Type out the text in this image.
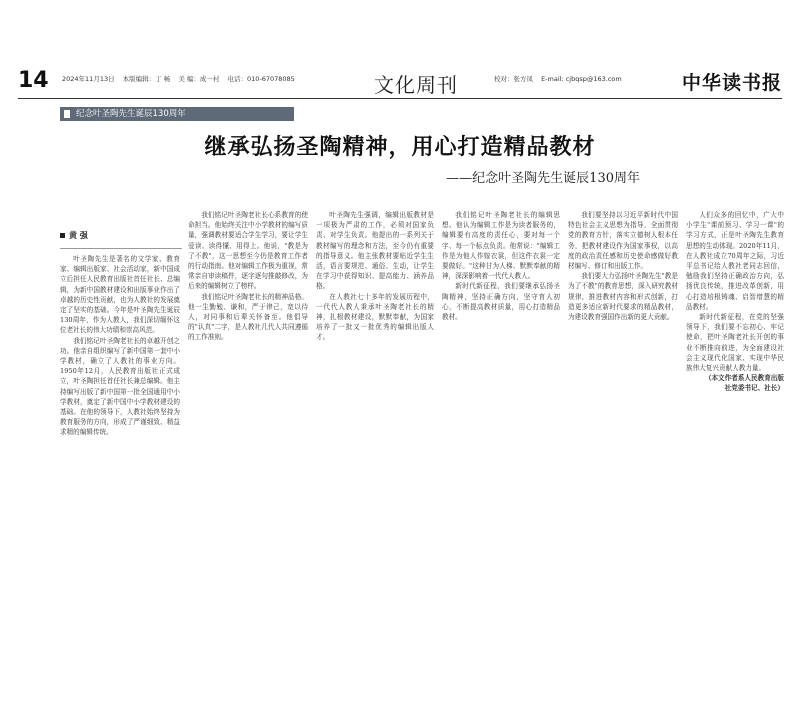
14 2024年11月13日 本版编辑：丁 畅 美 编：成一村 电话：010-67078085	文化周刊	校对：张方凤 E-mail: cjbqsp@163.com	中华读书报
纪念叶圣陶先生诞辰130周年
继承弘扬圣陶精神，用心打造精品教材
——纪念叶圣陶先生诞辰130周年
黄 强

叶圣陶先生是著名的文学家、教育家、编辑出版家、社会活动家，新中国成立后担任人民教育出版社首任社长、总编辑，为新中国教材建设和出版事业作出了卓越的历史性贡献，也为人教社的发展奠定了坚实的基础。今年是叶圣陶先生诞辰130周年，作为人教人，我们深切缅怀这位老社长的伟大功绩和崇高风范。

我们铭记叶圣陶老社长的卓越开创之功。他亲自组织编写了新中国第一套中小学教材，确立了人教社的事业方向。1950年12月，人民教育出版社正式成立，叶圣陶担任首任社长兼总编辑。他主持编写出版了新中国第一批全国通用中小学教材，奠定了新中国中小学教材建设的基础。在他的领导下，人教社始终坚持为教育服务的方向，形成了严谨细致、精益求精的编辑传统。

我们铭记叶圣陶老社长心系教育的使命担当。他始终关注中小学教材的编写质量，强调教材要适合学生学习，要让学生爱读、读得懂、用得上。他说，"教是为了不教"，这一思想至今仍是教育工作者的行动指南。他对编辑工作极为重视，常常亲自审读稿件，逐字逐句推敲修改，为后来的编辑树立了榜样。

我们铭记叶圣陶老社长的精神品格。他一生勤勉、谦和，严于律己，宽以待人，对同事和后辈关怀备至。他倡导的"认真"二字，是人教社几代人共同遵循的工作准则。

叶圣陶先生强调，编辑出版教材是一项极为严肃的工作，必须对国家负责、对学生负责。他提出的一系列关于教材编写的理念和方法，至今仍有重要的指导意义。他主张教材要贴近学生生活，语言要规范、通俗、生动，让学生在学习中获得知识、提高能力、涵养品格。

在人教社七十多年的发展历程中，一代代人教人秉承叶圣陶老社长的精神，扎根教材建设，默默奉献，为国家培养了一批又一批优秀的编辑出版人才。

我们铭记叶圣陶老社长的编辑思想。他认为编辑工作是为读者服务的，编辑要有高度的责任心，要对每一个字、每一个标点负责。他常说："编辑工作是为他人作嫁衣裳，但这件衣裳一定要做好。"这种甘为人梯、默默奉献的精神，深深影响着一代代人教人。

新时代新征程，我们要继承弘扬圣陶精神，坚持正确方向，坚守育人初心，不断提高教材质量，用心打造精品教材。

我们要坚持以习近平新时代中国特色社会主义思想为指导，全面贯彻党的教育方针，落实立德树人根本任务，把教材建设作为国家事权，以高度的政治责任感和历史使命感做好教材编写、修订和出版工作。

我们要大力弘扬叶圣陶先生"教是为了不教"的教育思想，深入研究教材规律，推进教材内容和形式创新，打造更多适应新时代要求的精品教材，为建设教育强国作出新的更大贡献。

人们众多的回忆中，广大中小学生"课前预习、学习一课"的学习方式，正是叶圣陶先生教育思想的生动体现。2020年11月，在人教社成立70周年之际，习近平总书记给人教社老同志回信，勉励我们坚持正确政治方向，弘扬优良传统，推进改革创新，用心打造培根铸魂、启智增慧的精品教材。

新时代新征程，在党的坚强领导下，我们要不忘初心、牢记使命，把叶圣陶老社长开创的事业不断推向前进，为全面建设社会主义现代化国家、实现中华民族伟大复兴贡献人教力量。

（本文作者系人民教育出版社党委书记、社长）
